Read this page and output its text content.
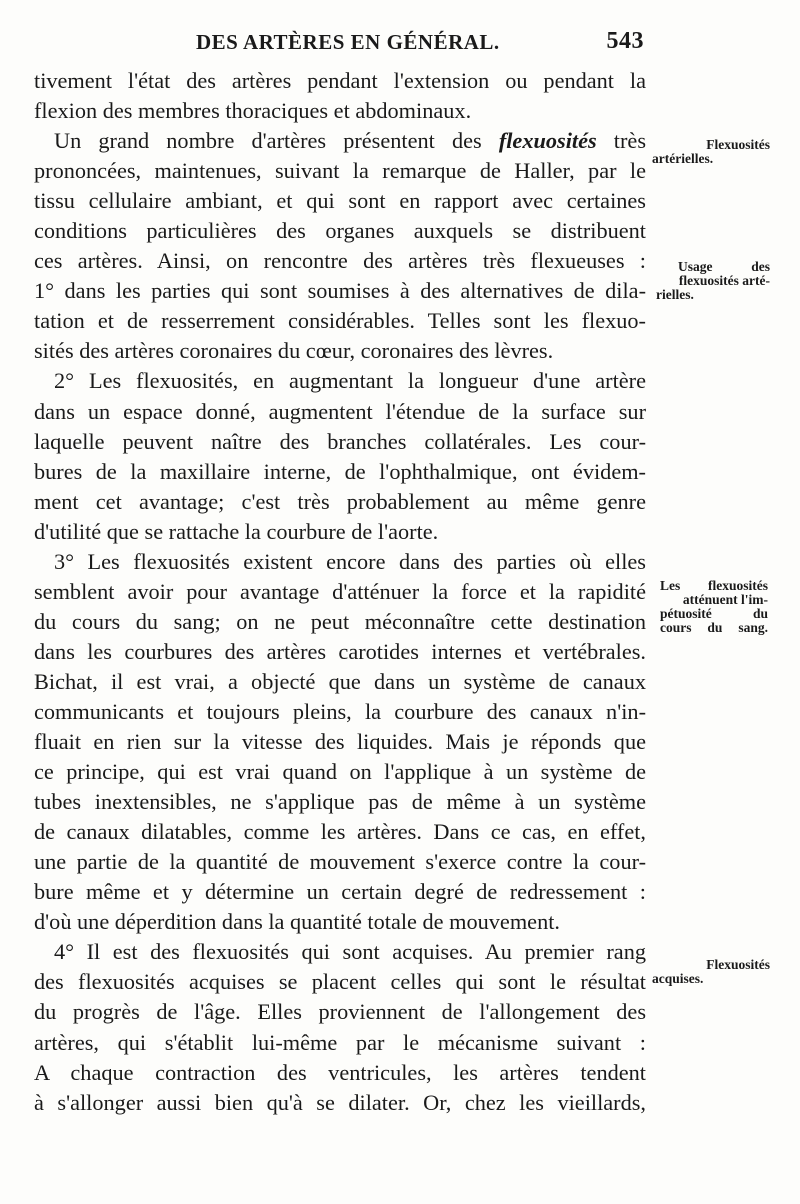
DES ARTÈRES EN GÉNÉRAL.	543
tivement l'état des artères pendant l'extension ou pendant la
flexion des membres thoraciques et abdominaux.
Un grand nombre d'artères présentent des flexuosités très
prononcées, maintenues, suivant la remarque de Haller, par le
tissu cellulaire ambiant, et qui sont en rapport avec certaines
conditions particulières des organes auxquels se distribuent
ces artères. Ainsi, on rencontre des artères très flexueuses :
1° dans les parties qui sont soumises à des alternatives de dila-
tation et de resserrement considérables. Telles sont les flexuo-
sités des artères coronaires du cœur, coronaires des lèvres.
2° Les flexuosités, en augmentant la longueur d'une artère
dans un espace donné, augmentent l'étendue de la surface sur
laquelle peuvent naître des branches collatérales. Les cour-
bures de la maxillaire interne, de l'ophthalmique, ont évidem-
ment cet avantage; c'est très probablement au même genre
d'utilité que se rattache la courbure de l'aorte.
3° Les flexuosités existent encore dans des parties où elles
semblent avoir pour avantage d'atténuer la force et la rapidité
du cours du sang; on ne peut méconnaître cette destination
dans les courbures des artères carotides internes et vertébrales.
Bichat, il est vrai, a objecté que dans un système de canaux
communicants et toujours pleins, la courbure des canaux n'in-
fluait en rien sur la vitesse des liquides. Mais je réponds que
ce principe, qui est vrai quand on l'applique à un système de
tubes inextensibles, ne s'applique pas de même à un système
de canaux dilatables, comme les artères. Dans ce cas, en effet,
une partie de la quantité de mouvement s'exerce contre la cour-
bure même et y détermine un certain degré de redressement :
d'où une déperdition dans la quantité totale de mouvement.
4° Il est des flexuosités qui sont acquises. Au premier rang
des flexuosités acquises se placent celles qui sont le résultat
du progrès de l'âge. Elles proviennent de l'allongement des
artères, qui s'établit lui-même par le mécanisme suivant :
A chaque contraction des ventricules, les artères tendent
à s'allonger aussi bien qu'à se dilater. Or, chez les vieillards,
Flexuosités
artérielles.
Usage des
flexuosités arté-
rielles.
Les flexuosités
atténuent l'im-
pétuosité du
cours du sang.
Flexuosités
acquises.
